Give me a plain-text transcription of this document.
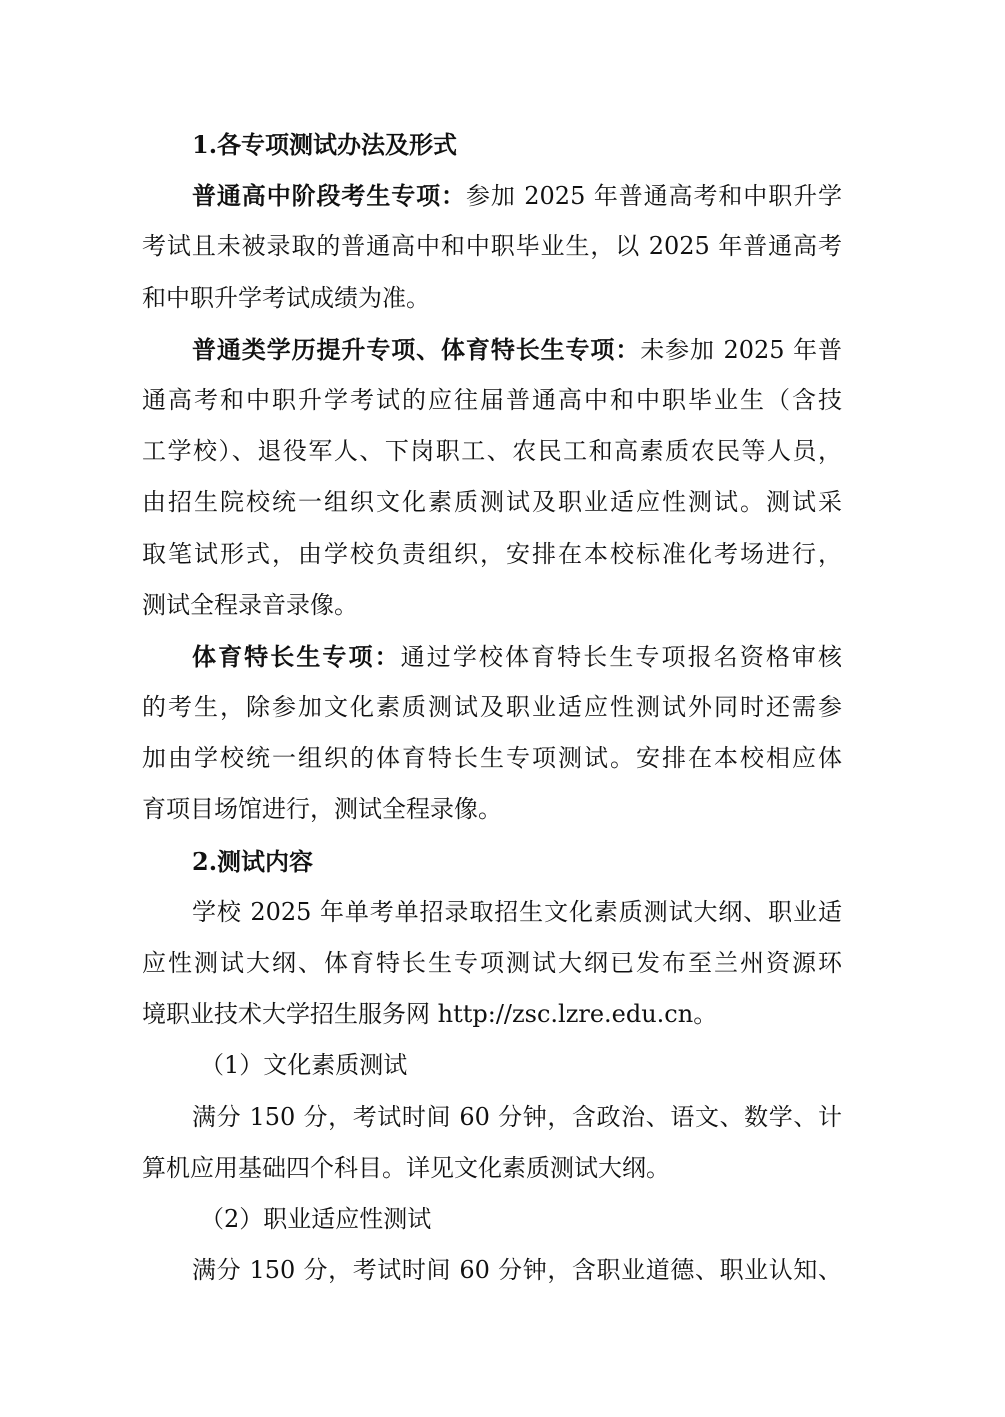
1.各专项测试办法及形式
普通高中阶段考生专项：参加 2025 年普通高考和中职升学
考试且未被录取的普通高中和中职毕业生，以 2025 年普通高考
和中职升学考试成绩为准。
普通类学历提升专项、体育特长生专项：未参加 2025 年普
通高考和中职升学考试的应往届普通高中和中职毕业生（含技
工学校）、退役军人、下岗职工、农民工和高素质农民等人员，
由招生院校统一组织文化素质测试及职业适应性测试。测试采
取笔试形式，由学校负责组织，安排在本校标准化考场进行，
测试全程录音录像。
体育特长生专项：通过学校体育特长生专项报名资格审核
的考生，除参加文化素质测试及职业适应性测试外同时还需参
加由学校统一组织的体育特长生专项测试。安排在本校相应体
育项目场馆进行，测试全程录像。
2.测试内容
学校 2025 年单考单招录取招生文化素质测试大纲、职业适
应性测试大纲、体育特长生专项测试大纲已发布至兰州资源环
境职业技术大学招生服务网 http://zsc.lzre.edu.cn。
（1）文化素质测试
满分 150 分，考试时间 60 分钟，含政治、语文、数学、计
算机应用基础四个科目。详见文化素质测试大纲。
（2）职业适应性测试
满分 150 分，考试时间 60 分钟，含职业道德、职业认知、
